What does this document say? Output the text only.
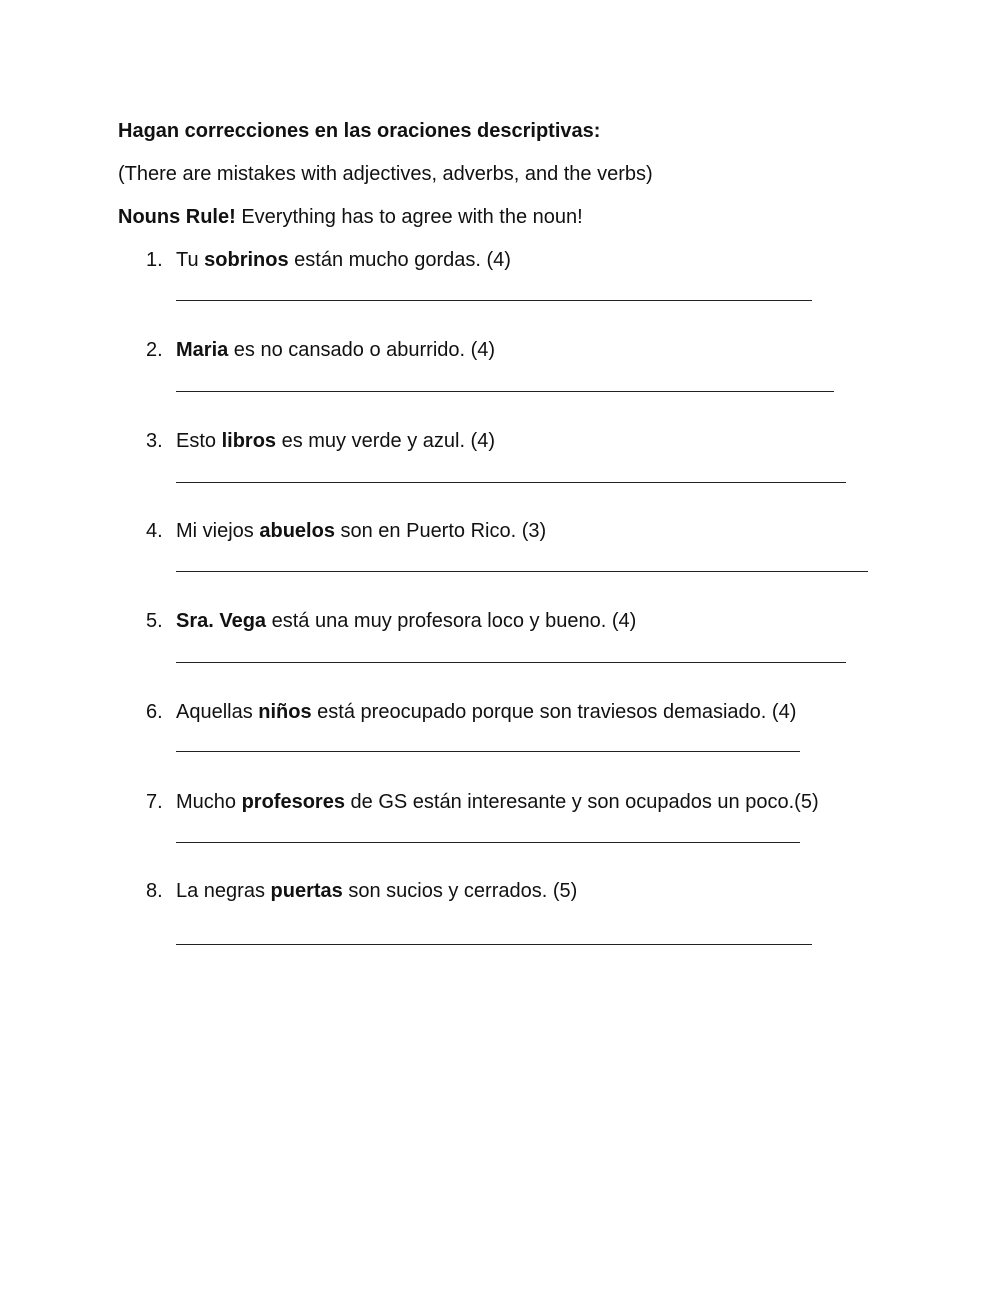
Hagan correcciones en las oraciones descriptivas:
(There are mistakes with adjectives, adverbs, and the verbs)
Nouns Rule! Everything has to agree with the noun!
1. Tu sobrinos están mucho gordas. (4)
2. Maria es no cansado o aburrido. (4)
3. Esto libros es muy verde y azul. (4)
4. Mi viejos abuelos son en Puerto Rico. (3)
5. Sra. Vega está una muy profesora loco y bueno. (4)
6. Aquellas niños está preocupado porque son traviesos demasiado. (4)
7. Mucho profesores de GS están interesante y son ocupados un poco.(5)
8. La negras puertas son sucios y cerrados. (5)
